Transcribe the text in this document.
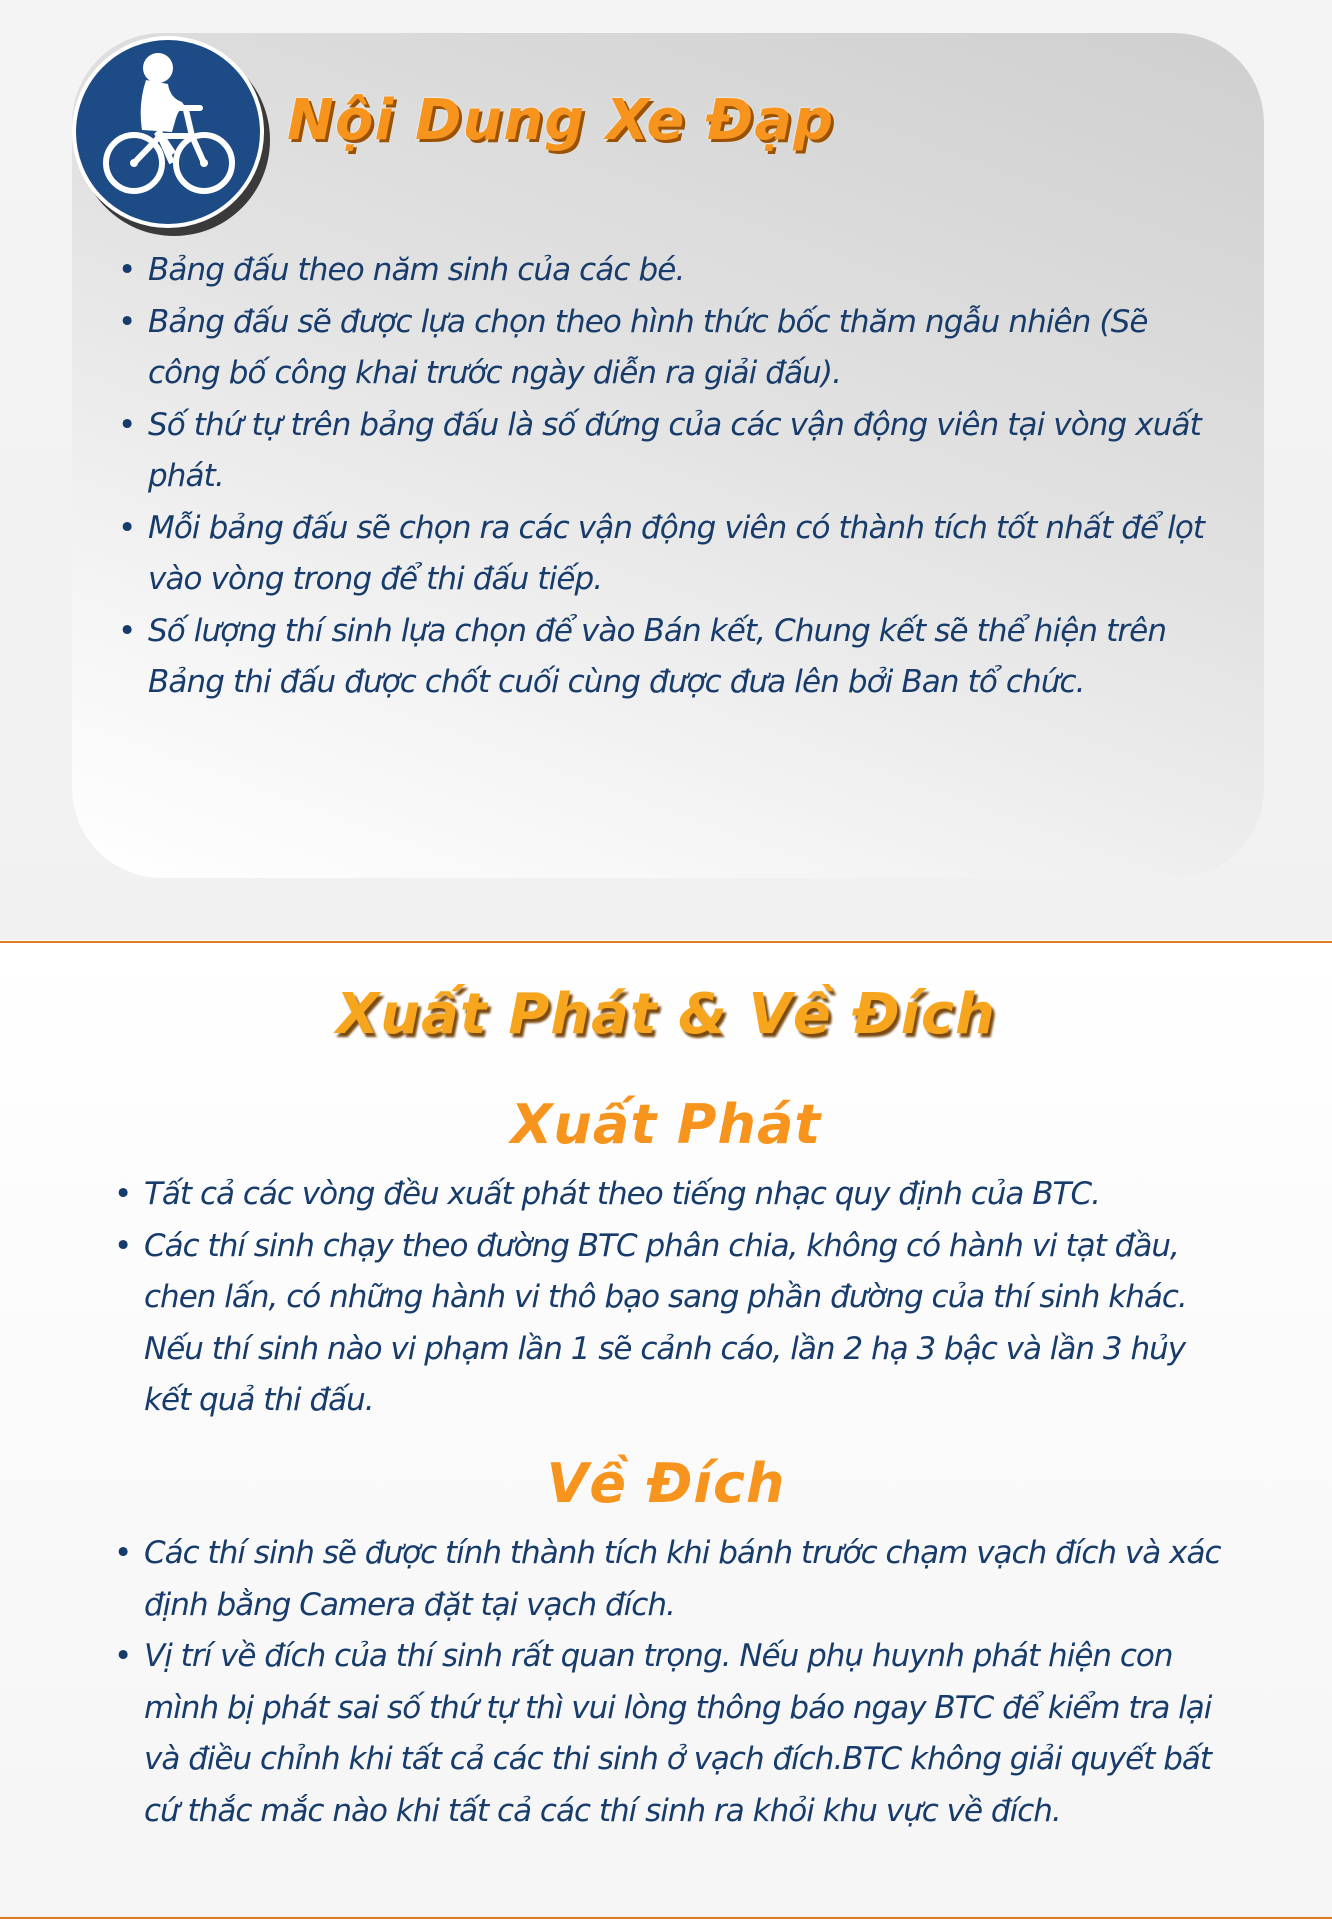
Nội Dung Xe Đạp
• Bảng đấu theo năm sinh của các bé.
• Bảng đấu sẽ được lựa chọn theo hình thức bốc thăm ngẫu nhiên (Sẽ công bố công khai trước ngày diễn ra giải đấu).
• Số thứ tự trên bảng đấu là số đứng của các vận động viên tại vòng xuất phát.
• Mỗi bảng đấu sẽ chọn ra các vận động viên có thành tích tốt nhất để lọt vào vòng trong để thi đấu tiếp.
• Số lượng thí sinh lựa chọn để vào Bán kết, Chung kết sẽ thể hiện trên Bảng thi đấu được chốt cuối cùng được đưa lên bởi Ban tổ chức.
Xuất Phát & Về Đích
Xuất Phát
• Tất cả các vòng đều xuất phát theo tiếng nhạc quy định của BTC.
• Các thí sinh chạy theo đường BTC phân chia, không có hành vi tạt đầu, chen lấn, có những hành vi thô bạo sang phần đường của thí sinh khác. Nếu thí sinh nào vi phạm lần 1 sẽ cảnh cáo, lần 2 hạ 3 bậc và lần 3 hủy kết quả thi đấu.
Về Đích
• Các thí sinh sẽ được tính thành tích khi bánh trước chạm vạch đích và xác định bằng Camera đặt tại vạch đích.
• Vị trí về đích của thí sinh rất quan trọng. Nếu phụ huynh phát hiện con mình bị phát sai số thứ tự thì vui lòng thông báo ngay BTC để kiểm tra lại và điều chỉnh khi tất cả các thi sinh ở vạch đích.BTC không giải quyết bất cứ thắc mắc nào khi tất cả các thí sinh ra khỏi khu vực về đích.
